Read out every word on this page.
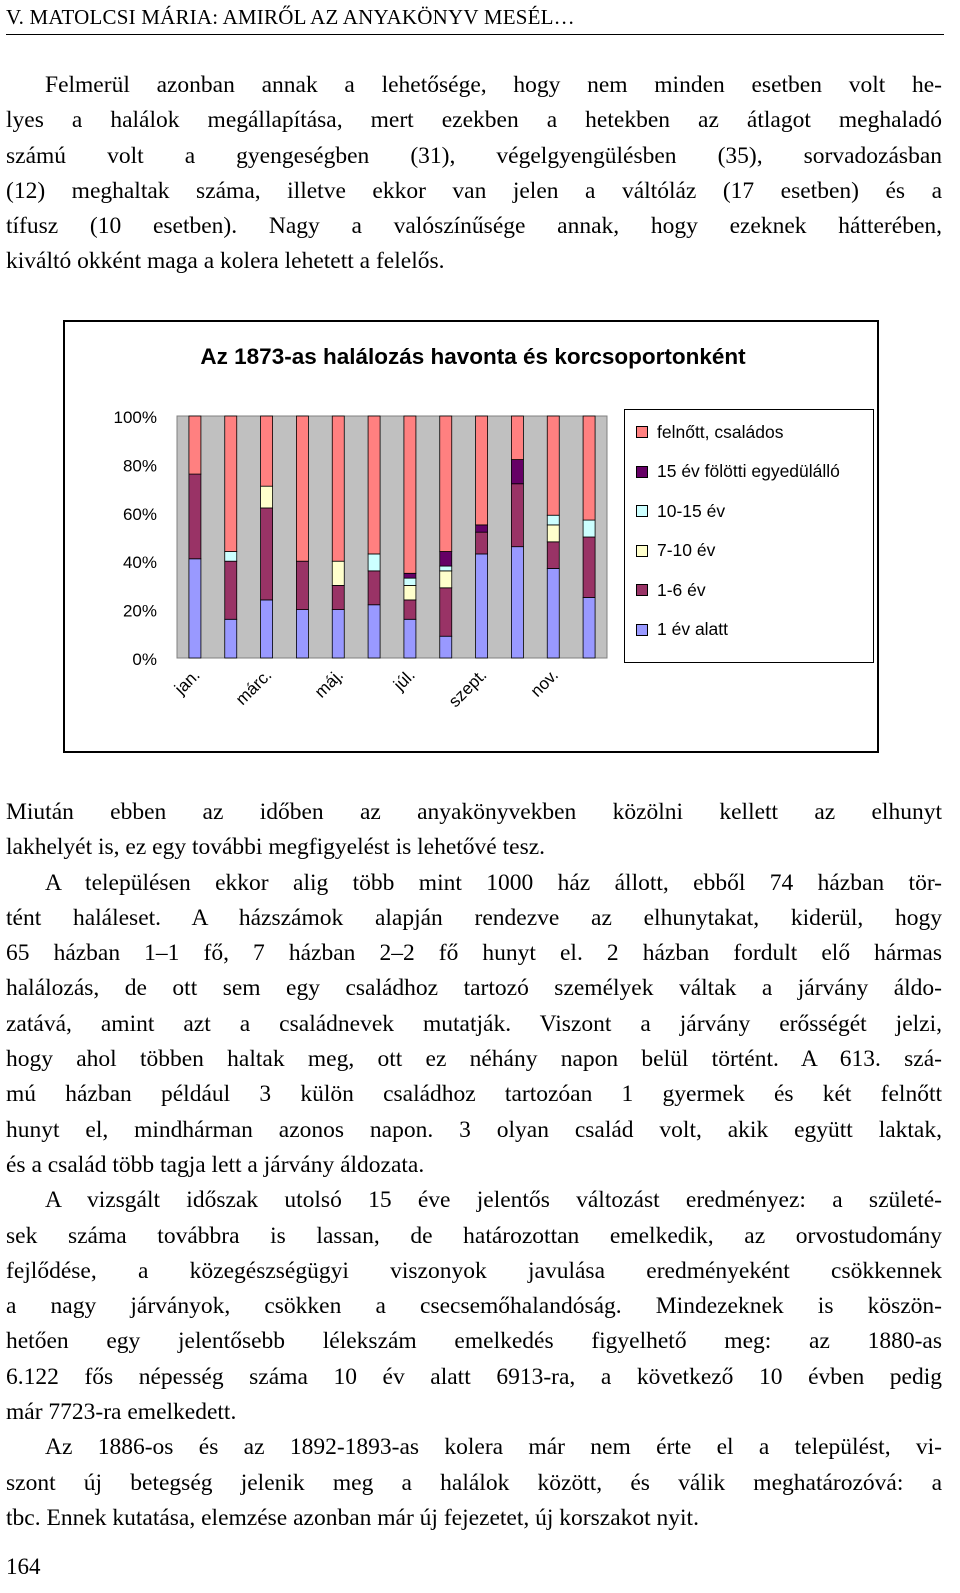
V. MATOLCSI MÁRIA: AMIRŐL AZ ANYAKÖNYV MESÉL…

Felmerül azonban annak a lehetősége, hogy nem minden esetben volt he-
lyes a halálok megállapítása, mert ezekben a hetekben az átlagot meghaladó
számú volt a gyengeségben (31), végelgyengülésben (35), sorvadozásban
(12) meghaltak száma, illetve ekkor van jelen a váltóláz (17 esetben) és a
tífusz (10 esetben). Nagy a valószínűsége annak, hogy ezeknek hátterében,
kiváltó okként maga a kolera lehetett a felelős.

Az 1873-as halálozás havonta és korcsoportonként
0%
20%
40%
60%
80%
100%
jan. márc. máj.	júl. szept. nov.
felnőtt, családos
15 év fölötti egyedülálló
10-15 év
7-10 év
1-6 év
1 év alatt

Miután ebben az időben az anyakönyvekben közölni kellett az elhunyt
lakhelyét is, ez egy további megfigyelést is lehetővé tesz.

A településen ekkor alig több mint 1000 ház állott, ebből 74 házban tör-
tént haláleset. A házszámok alapján rendezve az elhunytakat, kiderül, hogy
65 házban 1–1 fő, 7 házban 2–2 fő hunyt el. 2 házban fordult elő hármas
halálozás, de ott sem egy családhoz tartozó személyek váltak a járvány áldo-
zatává, amint azt a családnevek mutatják. Viszont a járvány erősségét jelzi,
hogy ahol többen haltak meg, ott ez néhány napon belül történt. A 613. szá-
mú házban például 3 külön családhoz tartozóan 1 gyermek és két felnőtt
hunyt el, mindhárman azonos napon. 3 olyan család volt, akik együtt laktak,
és a család több tagja lett a járvány áldozata.

A vizsgált időszak utolsó 15 éve jelentős változást eredményez: a születé-
sek száma továbbra is lassan, de határozottan emelkedik, az orvostudomány
fejlődése, a közegészségügyi viszonyok javulása eredményeként csökkennek
a nagy járványok, csökken a csecsemőhalandóság. Mindezeknek is köszön-
hetően egy jelentősebb lélekszám emelkedés figyelhető meg: az 1880-as
6.122 fős népesség száma 10 év alatt 6913-ra, a következő 10 évben pedig
már 7723-ra emelkedett.

Az 1886-os és az 1892-1893-as kolera már nem érte el a települést, vi-
szont új betegség jelenik meg a halálok között, és válik meghatározóvá: a
tbc. Ennek kutatása, elemzése azonban már új fejezetet, új korszakot nyit.

164
